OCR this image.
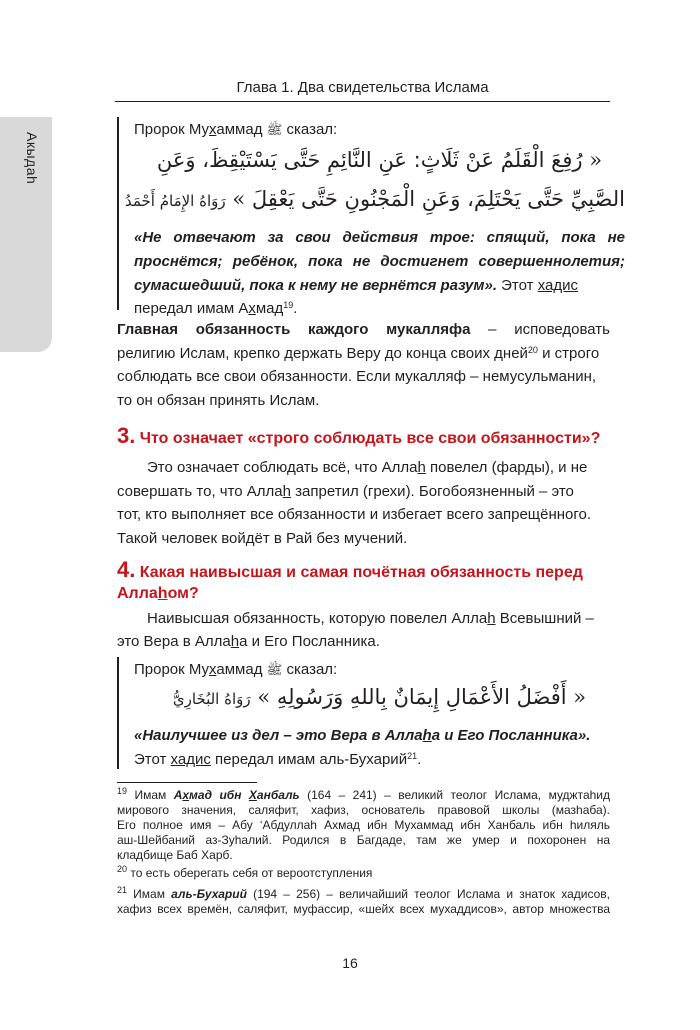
Акыдаh
Глава 1. Два свидетельства Ислама
Пророк Мухаммад ﷺ сказал:
« رُفِعَ الْقَلَمُ عَنْ ثَلَاثٍ: عَنِ النَّائِمِ حَتَّى يَسْتَيْقِظَ، وَعَنِ
الصَّبِيِّ حَتَّى يَحْتَلِمَ، وَعَنِ الْمَجْنُونِ حَتَّى يَعْقِلَ » رَوَاهُ الإِمَامُ أَحْمَدُ
«Не отвечают за свои действия трое: спящий, пока не
проснётся; ребёнок, пока не достигнет совершеннолетия;
сумасшедший, пока к нему не вернётся разум». Этот хадис
передал имам Ахмад$^{19}$.
Главная обязанность каждого мукалляфа – исповедовать
религию Ислам, крепко держать Веру до конца своих дней$^{20}$ и строго
соблюдать все свои обязанности. Если мукалляф – немусульманин,
то он обязан принять Ислам.
3. Что означает «строго соблюдать все свои обязанности»?
Это означает соблюдать всё, что Аллаh повелел (фарды), и не
совершать то, что Аллаh запретил (грехи). Богобоязненный – это
тот, кто выполняет все обязанности и избегает всего запрещённого.
Такой человек войдёт в Рай без мучений.
4. Какая наивысшая и самая почётная обязанность перед
Аллаhом?
Наивысшая обязанность, которую повелел Аллаh Всевышний –
это Вера в Аллаhа и Его Посланника.
Пророк Мухаммад ﷺ сказал:
« أَفْضَلُ الأَعْمَالِ إِيمَانٌ بِاللهِ وَرَسُولِهِ » رَوَاهُ البُخَارِيُّ
«Наилучшее из дел – это Вера в Аллаhа и Его Посланника».
Этот хадис передал имам аль-Бухарий$^{21}$.
$^{19}$ Имам Ахмад ибн Ханбаль (164 – 241) – великий теолог Ислама, муджтаhид
мирового значения, саляфит, хафиз, основатель правовой школы (мазhаба).
Его полное имя – Абу ‘Абдуллаh Ахмад ибн Мухаммад ибн Ханбаль ибн hиляль
аш-Шейбаний аз-Зуhалий. Родился в Багдаде, там же умер и похоронен на
кладбище Баб Харб.
$^{20}$ то есть оберегать себя от вероотступления
$^{21}$ Имам аль-Бухарий (194 – 256) – величайший теолог Ислама и знаток хадисов,
хафиз всех времён, саляфит, муфассир, «шейх всех мухаддисов», автор множества
16
